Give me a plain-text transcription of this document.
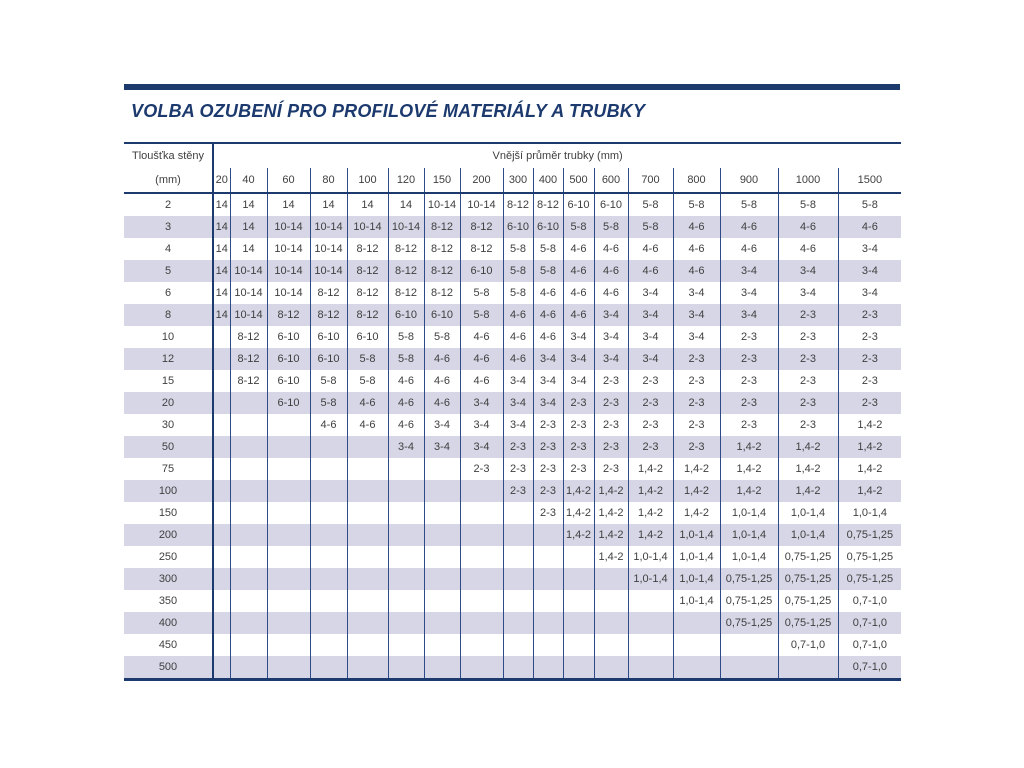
VOLBA OZUBENÍ PRO PROFILOVÉ MATERIÁLY A TRUBKY
Tloušťka stěny
(mm)	Vnější průměr trubky (mm)																
	20	40	60	80	100	120	150	200	300	400	500	600	700	800	900	1000	1500
2	14	14	14	14	14	14	10-14	10-14	8-12	8-12	6-10	6-10	5-8	5-8	5-8	5-8	5-8
3	14	14	10-14	10-14	10-14	10-14	8-12	8-12	6-10	6-10	5-8	5-8	5-8	4-6	4-6	4-6	4-6
4	14	14	10-14	10-14	8-12	8-12	8-12	8-12	5-8	5-8	4-6	4-6	4-6	4-6	4-6	4-6	3-4
5	14	10-14	10-14	10-14	8-12	8-12	8-12	6-10	5-8	5-8	4-6	4-6	4-6	4-6	3-4	3-4	3-4
6	14	10-14	10-14	8-12	8-12	8-12	8-12	5-8	5-8	4-6	4-6	4-6	3-4	3-4	3-4	3-4	3-4
8	14	10-14	8-12	8-12	8-12	6-10	6-10	5-8	4-6	4-6	4-6	3-4	3-4	3-4	3-4	2-3	2-3
10		8-12	6-10	6-10	6-10	5-8	5-8	4-6	4-6	4-6	3-4	3-4	3-4	3-4	2-3	2-3	2-3
12		8-12	6-10	6-10	5-8	5-8	4-6	4-6	4-6	3-4	3-4	3-4	3-4	2-3	2-3	2-3	2-3
15		8-12	6-10	5-8	5-8	4-6	4-6	4-6	3-4	3-4	3-4	2-3	2-3	2-3	2-3	2-3	2-3
20			6-10	5-8	4-6	4-6	4-6	3-4	3-4	3-4	2-3	2-3	2-3	2-3	2-3	2-3	2-3
30				4-6	4-6	4-6	3-4	3-4	3-4	2-3	2-3	2-3	2-3	2-3	2-3	2-3	1,4-2
50						3-4	3-4	3-4	2-3	2-3	2-3	2-3	2-3	2-3	1,4-2	1,4-2	1,4-2
75								2-3	2-3	2-3	2-3	2-3	1,4-2	1,4-2	1,4-2	1,4-2	1,4-2
100									2-3	2-3	1,4-2	1,4-2	1,4-2	1,4-2	1,4-2	1,4-2	1,4-2
150										2-3	1,4-2	1,4-2	1,4-2	1,4-2	1,0-1,4	1,0-1,4	1,0-1,4
200											1,4-2	1,4-2	1,4-2	1,0-1,4	1,0-1,4	1,0-1,4	0,75-1,25
250												1,4-2	1,0-1,4	1,0-1,4	1,0-1,4	0,75-1,25	0,75-1,25
300													1,0-1,4	1,0-1,4	0,75-1,25	0,75-1,25	0,75-1,25
350														1,0-1,4	0,75-1,25	0,75-1,25	0,7-1,0
400															0,75-1,25	0,75-1,25	0,7-1,0
450																0,7-1,0	0,7-1,0
500																	0,7-1,0
